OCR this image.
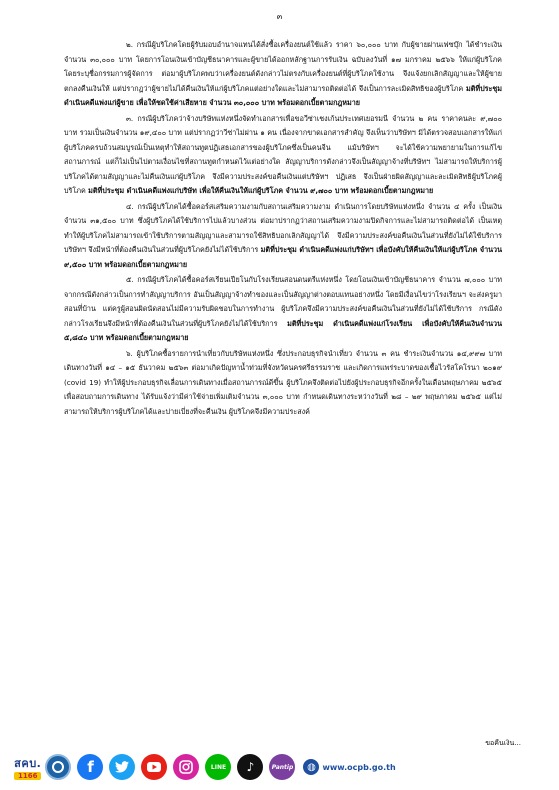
๓

๒. กรณีผู้บริโภคโดยผู้รับมอบอำนาจแทนได้สั่งซื้อเครื่องยนต์ใช้แล้ว ราคา ๖๐,๐๐๐ บาท กับผู้ขายผ่านเฟซบุ๊ก ได้ชำระเงิน จำนวน ๓๐,๐๐๐ บาท โดยการโอนเงินเข้าบัญชีธนาคารและผู้ขายได้ออกหลักฐานการรับเงิน ฉบับลงวันที่ ๑๗ มกราคม ๒๕๖๖ ให้แก่ผู้บริโภค โดยระบุชื่อกรรมการผู้จัดการ ต่อมาผู้บริโภคพบว่าเครื่องยนต์ดังกล่าวไม่ตรงกับเครื่องยนต์ที่ผู้บริโภคใช้งาน จึงแจ้งยกเลิกสัญญาและให้ผู้ขายตกลงคืนเงินให้ แต่ปรากฏว่าผู้ขายไม่ได้คืนเงินให้แก่ผู้บริโภคแต่อย่างใดและไม่สามารถติดต่อได้ จึงเป็นการละเมิดสิทธิของผู้บริโภค มติที่ประชุม ดำเนินคดีแพ่งแก่ผู้ขาย เพื่อให้ชดใช้ค่าเสียหาย จำนวน ๓๐,๐๐๐ บาท พร้อมดอกเบี้ยตามกฎหมาย

๓. กรณีผู้บริโภคว่าจ้างบริษัทแห่งหนึ่งจัดทำเอกสารเพื่อขอวีซ่าเชงเก้นประเทศเยอรมนี จำนวน ๒ คน ราคาคนละ ๙,๗๐๐ บาท รวมเป็นเงินจำนวน ๑๙,๔๐๐ บาท แต่ปรากฏว่าวีซ่าไม่ผ่าน ๑ คน เนื่องจากขาดเอกสารสำคัญ จึงเห็นว่าบริษัทฯ มิได้ตรวจสอบเอกสารให้แก่ผู้บริโภคครบถ้วนสมบูรณ์เป็นเหตุทำให้สถานทูตปฏิเสธเอกสารของผู้บริโภคซึ่งเป็นคนจีน แม้บริษัทฯ จะได้ใช้ความพยายามในการแก้ไขสถานการณ์ แต่ก็ไม่เป็นไปตามเงื่อนไขที่สถานทูตกำหนดไว้แต่อย่างใด สัญญาบริการดังกล่าวจึงเป็นสัญญาจ้างที่บริษัทฯ ไม่สามารถให้บริการผู้บริโภคได้ตามสัญญาและไม่คืนเงินแก่ผู้บริโภค จึงมีความประสงค์ขอคืนเงินแต่บริษัทฯ ปฏิเสธ จึงเป็นฝ่ายผิดสัญญาและละเมิดสิทธิผู้บริโภคผู้บริโภค มติที่ประชุม ดำเนินคดีแพ่งแก่บริษัท เพื่อให้คืนเงินให้แก่ผู้บริโภค จำนวน ๙,๗๐๐ บาท พร้อมดอกเบี้ยตามกฎหมาย

๔. กรณีผู้บริโภคได้ซื้อคอร์สเสริมความงามกับสถานเสริมความงาม ดำเนินการโดยบริษัทแห่งหนึ่ง จำนวน ๔ ครั้ง เป็นเงินจำนวน ๓๑,๕๐๐ บาท ซึ่งผู้บริโภคได้ใช้บริการไปแล้วบางส่วน ต่อมาปรากฏว่าสถานเสริมความงามปิดกิจการและไม่สามารถติดต่อได้ เป็นเหตุทำให้ผู้บริโภคไม่สามารถเข้าใช้บริการตามสัญญาและสามารถใช้สิทธิบอกเลิกสัญญาได้ จึงมีความประสงค์ขอคืนเงินในส่วนที่ยังไม่ได้ใช้บริการ บริษัทฯ จึงมีหน้าที่ต้องคืนเงินในส่วนที่ผู้บริโภคยังไม่ได้ใช้บริการ มติที่ประชุม ดำเนินคดีแพ่งแก่บริษัทฯ เพื่อบังคับให้คืนเงินให้แก่ผู้บริโภค จำนวน ๙,๕๐๐ บาท พร้อมดอกเบี้ยตามกฎหมาย

๕. กรณีผู้บริโภคได้ซื้อคอร์สเรียนเปียโนกับโรงเรียนสอนดนตรีแห่งหนึ่ง โดยโอนเงินเข้าบัญชีธนาคาร จำนวน ๗,๐๐๐ บาท จากกรณีดังกล่าวเป็นการทำสัญญาบริการ อันเป็นสัญญาจ้างทำของและเป็นสัญญาต่างตอบแทนอย่างหนึ่ง โดยมีเงื่อนไขว่าโรงเรียนฯ จะส่งครูมาสอนที่บ้าน แต่ครูผู้สอนผิดนัดสอนไม่มีความรับผิดชอบในการทำงาน ผู้บริโภคจึงมีความประสงค์ขอคืนเงินในส่วนที่ยังไม่ได้ใช้บริการ กรณีดังกล่าวโรงเรียนจึงมีหน้าที่ต้องคืนเงินในส่วนที่ผู้บริโภคยังไม่ได้ใช้บริการ มติที่ประชุม ดำเนินคดีแพ่งแก่โรงเรียน เพื่อบังคับให้คืนเงินจำนวน ๕,๘๔๐ บาท พร้อมดอกเบี้ยตามกฎหมาย

๖. ผู้บริโภคซื้อรายการนำเที่ยวกับบริษัทแห่งหนึ่ง ซึ่งประกอบธุรกิจนำเที่ยว จำนวน ๓ คน ชำระเงินจำนวน ๑๔,๙๙๗ บาท เดินทางวันที่ ๑๔ – ๑๕ ธันวาคม ๒๕๖๓ ต่อมาเกิดปัญหาน้ำท่วมที่จังหวัดนครศรีธรรมราช และเกิดการแพร่ระบาดของเชื้อไวรัสโคโรนา ๒๐๑๙ (covid 19) ทำให้ผู้ประกอบธุรกิจเลื่อนการเดินทางเมื่อสถานการณ์ดีขึ้น ผู้บริโภคจึงติดต่อไปยังผู้ประกอบธุรกิจอีกครั้งในเดือนพฤษภาคม ๒๕๖๕ เพื่อสอบถามการเดินทาง ได้รับแจ้งว่ามีค่าใช้จ่ายเพิ่มเติมจำนวน ๓,๐๐๐ บาท กำหนดเดินทางระหว่างวันที่ ๒๘ – ๒๙ พฤษภาคม ๒๕๖๕ แต่ไม่สามารถให้บริการผู้บริโภคได้และบ่ายเบี่ยงที่จะคืนเงิน ผู้บริโภคจึงมีความประสงค์

ขอคืนเงิน...
สคบ.
1166	f	LINE	♪	Pantip	◍ www.ocpb.go.th
